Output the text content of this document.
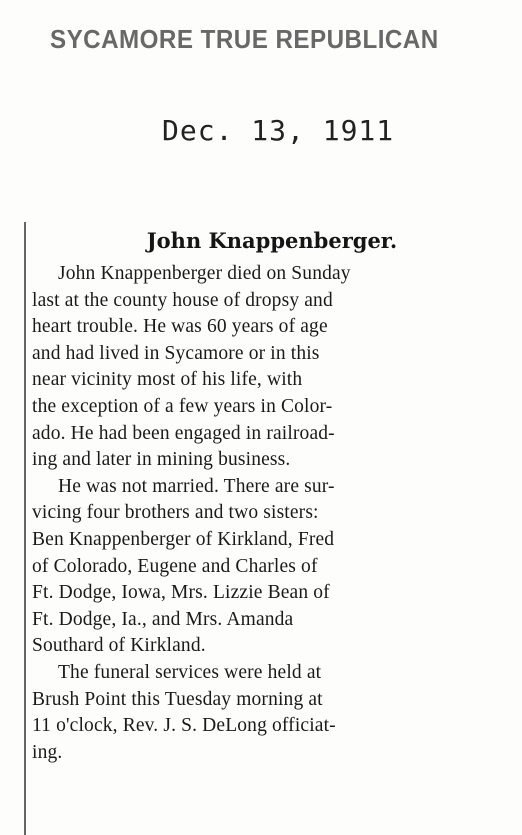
SYCAMORE TRUE REPUBLICAN
Dec. 13, 1911
John Knappenberger.
John Knappenberger died on Sunday
last at the county house of dropsy and
heart trouble. He was 60 years of age
and had lived in Sycamore or in this
near vicinity most of his life, with
the exception of a few years in Color-
ado. He had been engaged in railroad-
ing and later in mining business.
He was not married. There are sur-
vicing four brothers and two sisters:
Ben Knappenberger of Kirkland, Fred
of Colorado, Eugene and Charles of
Ft. Dodge, Iowa, Mrs. Lizzie Bean of
Ft. Dodge, Ia., and Mrs. Amanda
Southard of Kirkland.
The funeral services were held at
Brush Point this Tuesday morning at
11 o'clock, Rev. J. S. DeLong officiat-
ing.
